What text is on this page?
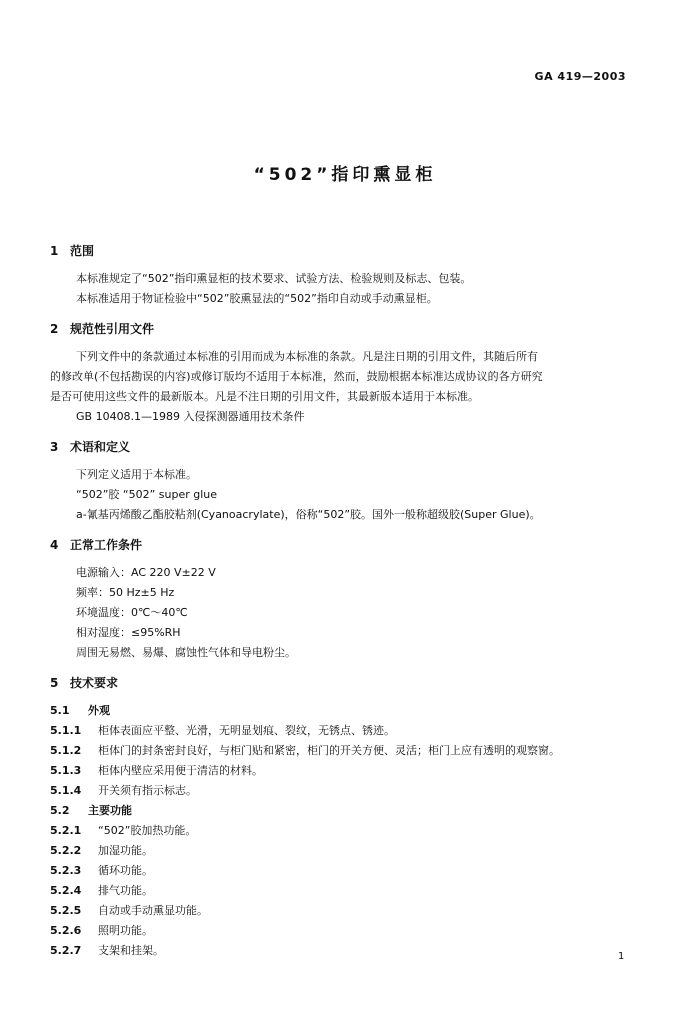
GA 419—2003
“502”指印熏显柜
1 范围
本标准规定了“502”指印熏显柜的技术要求、试验方法、检验规则及标志、包装。
本标准适用于物证检验中“502”胶熏显法的“502”指印自动或手动熏显柜。
2 规范性引用文件
下列文件中的条款通过本标准的引用而成为本标准的条款。凡是注日期的引用文件，其随后所有
的修改单(不包括勘误的内容)或修订版均不适用于本标准，然而，鼓励根据本标准达成协议的各方研究
是否可使用这些文件的最新版本。凡是不注日期的引用文件，其最新版本适用于本标准。
GB 10408.1—1989 入侵探测器通用技术条件
3 术语和定义
下列定义适用于本标准。
“502”胶 “502” super glue
a-氰基丙烯酸乙酯胶粘剂(Cyanoacrylate)，俗称“502”胶。国外一般称超级胶(Super Glue)。
4 正常工作条件
电源输入：AC 220 V±22 V
频率：50 Hz±5 Hz
环境温度：0℃～40℃
相对湿度：≤95%RH
周围无易燃、易爆、腐蚀性气体和导电粉尘。
5 技术要求
5.1 外观
5.1.1 柜体表面应平整、光滑，无明显划痕、裂纹，无锈点、锈迹。
5.1.2 柜体门的封条密封良好，与柜门贴和紧密，柜门的开关方便、灵活；柜门上应有透明的观察窗。
5.1.3 柜体内壁应采用便于清洁的材料。
5.1.4 开关须有指示标志。
5.2 主要功能
5.2.1 “502”胶加热功能。
5.2.2 加湿功能。
5.2.3 循环功能。
5.2.4 排气功能。
5.2.5 自动或手动熏显功能。
5.2.6 照明功能。
5.2.7 支架和挂架。	1
